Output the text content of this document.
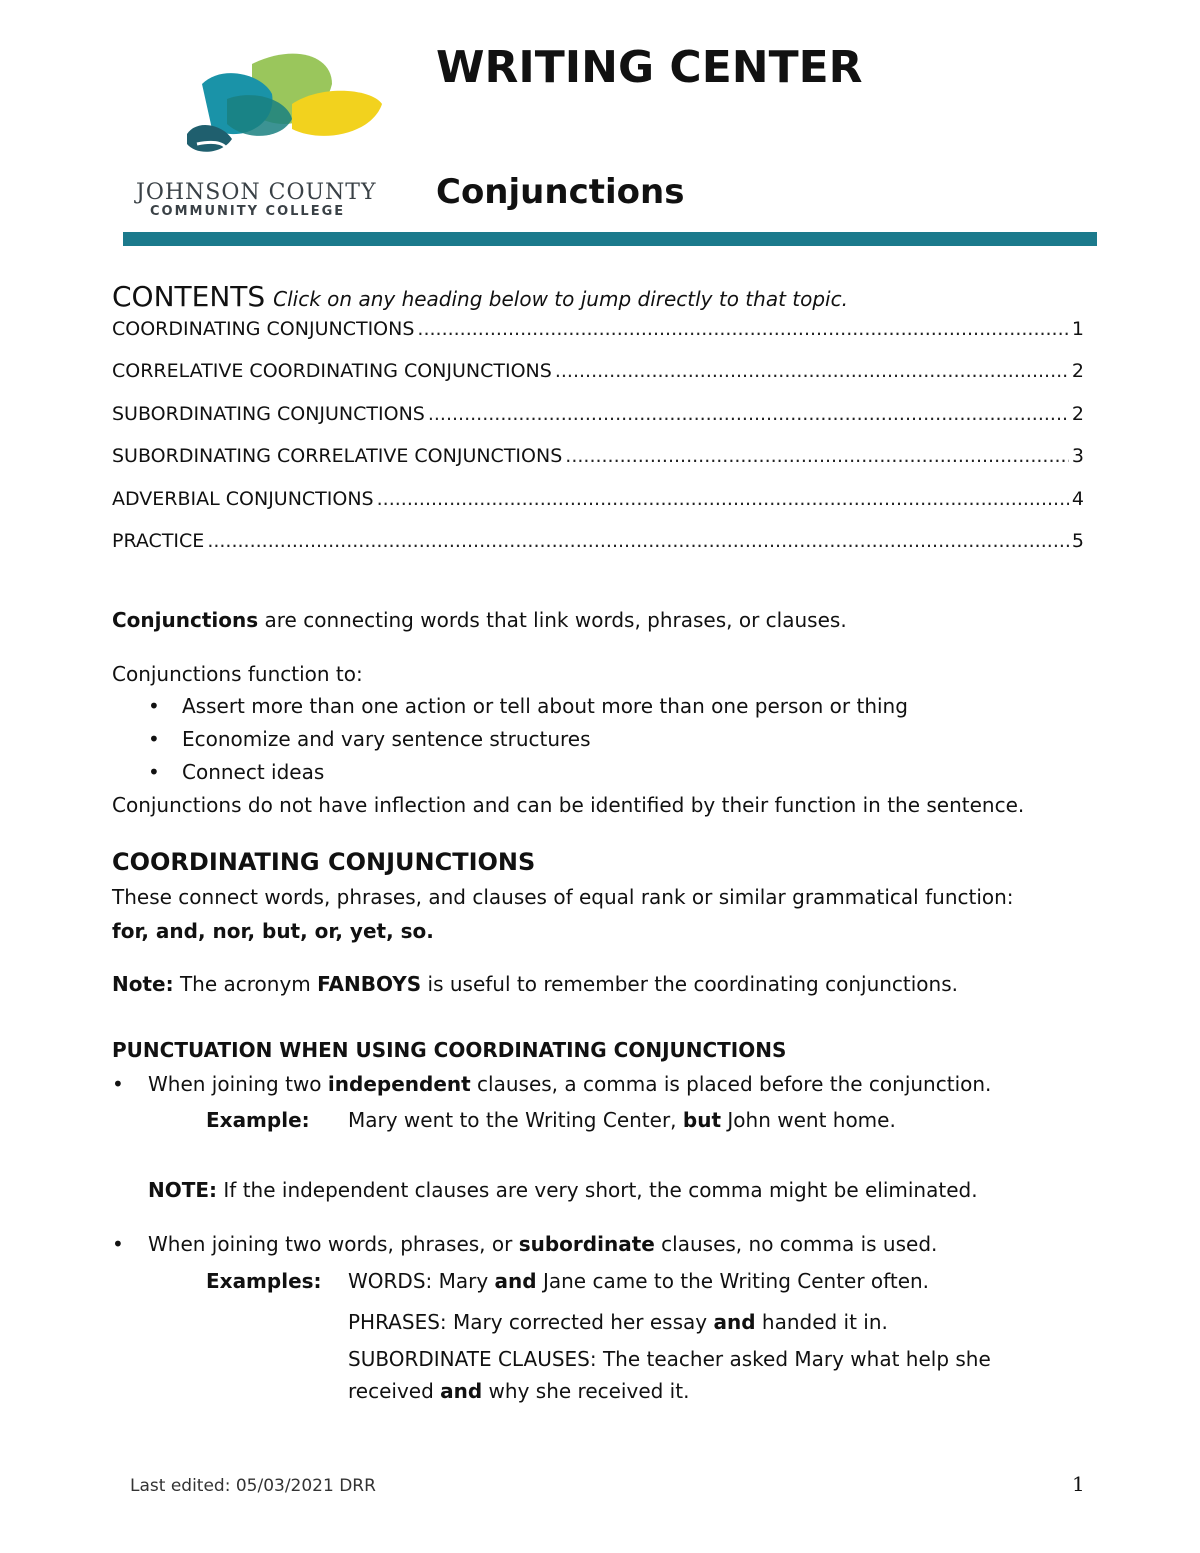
JOHNSON COUNTY
COMMUNITY COLLEGE
WRITING CENTER
Conjunctions
CONTENTS Click on any heading below to jump directly to that topic.
COORDINATING CONJUNCTIONS .....	1
CORRELATIVE COORDINATING CONJUNCTIONS .....	2
SUBORDINATING CONJUNCTIONS .....	2
SUBORDINATING CORRELATIVE CONJUNCTIONS .....	3
ADVERBIAL CONJUNCTIONS .....	4
PRACTICE .....	5
Conjunctions are connecting words that link words, phrases, or clauses.
Conjunctions function to:
•	Assert more than one action or tell about more than one person or thing
•	Economize and vary sentence structures
•	Connect ideas
Conjunctions do not have inflection and can be identified by their function in the sentence.
COORDINATING CONJUNCTIONS
These connect words, phrases, and clauses of equal rank or similar grammatical function:
for, and, nor, but, or, yet, so.
Note: The acronym FANBOYS is useful to remember the coordinating conjunctions.
PUNCTUATION WHEN USING COORDINATING CONJUNCTIONS
• When joining two independent clauses, a comma is placed before the conjunction.
Example: Mary went to the Writing Center, but John went home.
NOTE: If the independent clauses are very short, the comma might be eliminated.
• When joining two words, phrases, or subordinate clauses, no comma is used.
Examples: WORDS: Mary and Jane came to the Writing Center often.
PHRASES: Mary corrected her essay and handed it in.
SUBORDINATE CLAUSES: The teacher asked Mary what help she
received and why she received it.
Last edited: 05/03/2021 DRR	1
